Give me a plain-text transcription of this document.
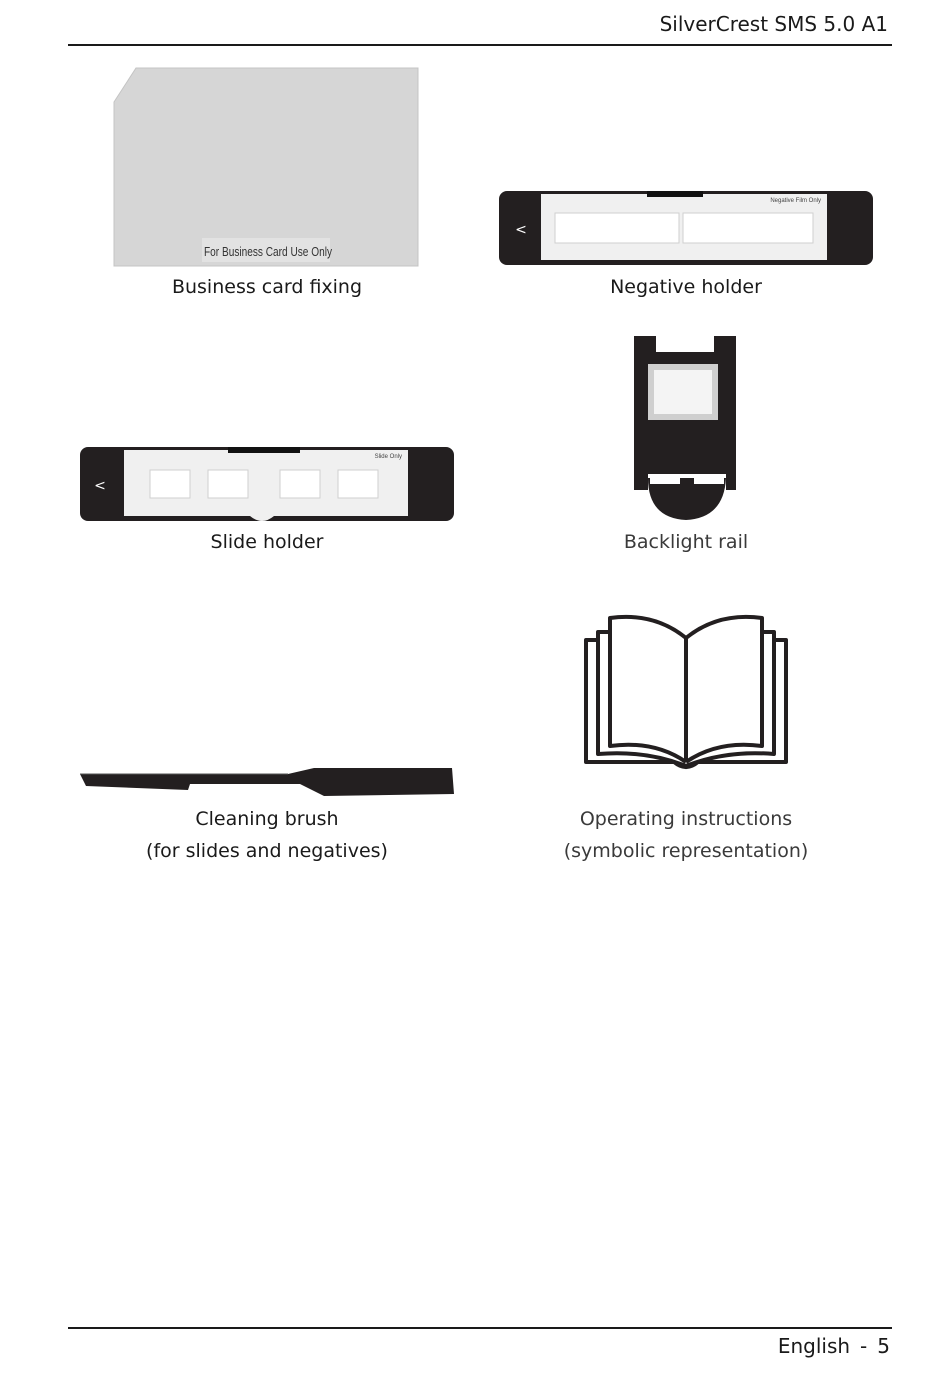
SilverCrest SMS 5.0 A1
For Business Card Use Only
Business card fixing
Negative Film Only
<
Negative holder
Slide Only
<
Slide holder	Backlight rail
Cleaning brush
(for slides and negatives)
Operating instructions
(symbolic representation)
English - 5
